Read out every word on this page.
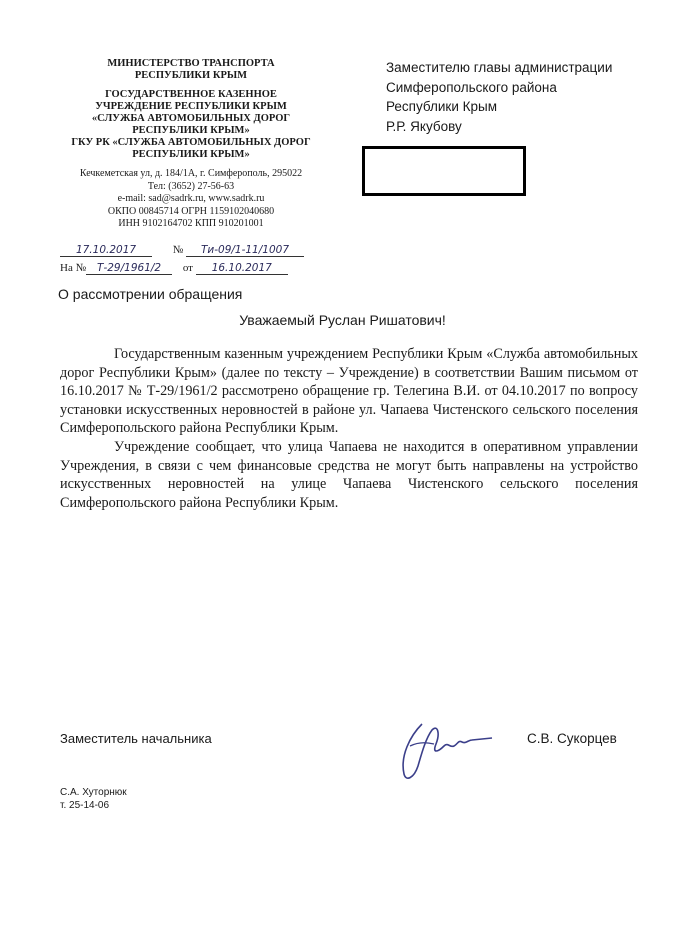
МИНИСТЕРСТВО ТРАНСПОРТА

РЕСПУБЛИКИ КРЫМ

ГОСУДАРСТВЕННОЕ КАЗЕННОЕ

УЧРЕЖДЕНИЕ РЕСПУБЛИКИ КРЫМ

«СЛУЖБА АВТОМОБИЛЬНЫХ ДОРОГ

РЕСПУБЛИКИ КРЫМ»

ГКУ РК «СЛУЖБА АВТОМОБИЛЬНЫХ ДОРОГ

РЕСПУБЛИКИ КРЫМ»

Кечкеметская ул, д. 184/1А, г. Симферополь, 295022

Тел: (3652) 27-56-63

e-mail: sad@sadrk.ru, www.sadrk.ru

ОКПО 00845714 ОГРН 1159102040680

ИНН 9102164702 КПП 910201001

Заместителю главы администрации
Симферопольского района
Республики Крым
Р.Р. Якубову
17.10.2017	№ Ти-09/1-11/1007
На № Т-29/1961/2 от 16.10.2017
О рассмотрении обращения
Уважаемый Руслан Ришатович!

Государственным казенным учреждением Республики Крым «Служба автомобильных дорог Республики Крым» (далее по тексту – Учреждение) в соответствии Вашим письмом от 16.10.2017 № Т-29/1961/2 рассмотрено обращение гр. Телегина В.И. от 04.10.2017 по вопросу установки искусственных неровностей в районе ул. Чапаева Чистенского сельского поселения Симферопольского района Республики Крым.

Учреждение сообщает, что улица Чапаева не находится в оперативном управлении Учреждения, в связи с чем финансовые средства не могут быть направлены на устройство искусственных неровностей на улице Чапаева Чистенского сельского поселения Симферопольского района Республики Крым.

Заместитель начальника	С.В. Сукорцев
С.А. Хуторнюк
т. 25-14-06
